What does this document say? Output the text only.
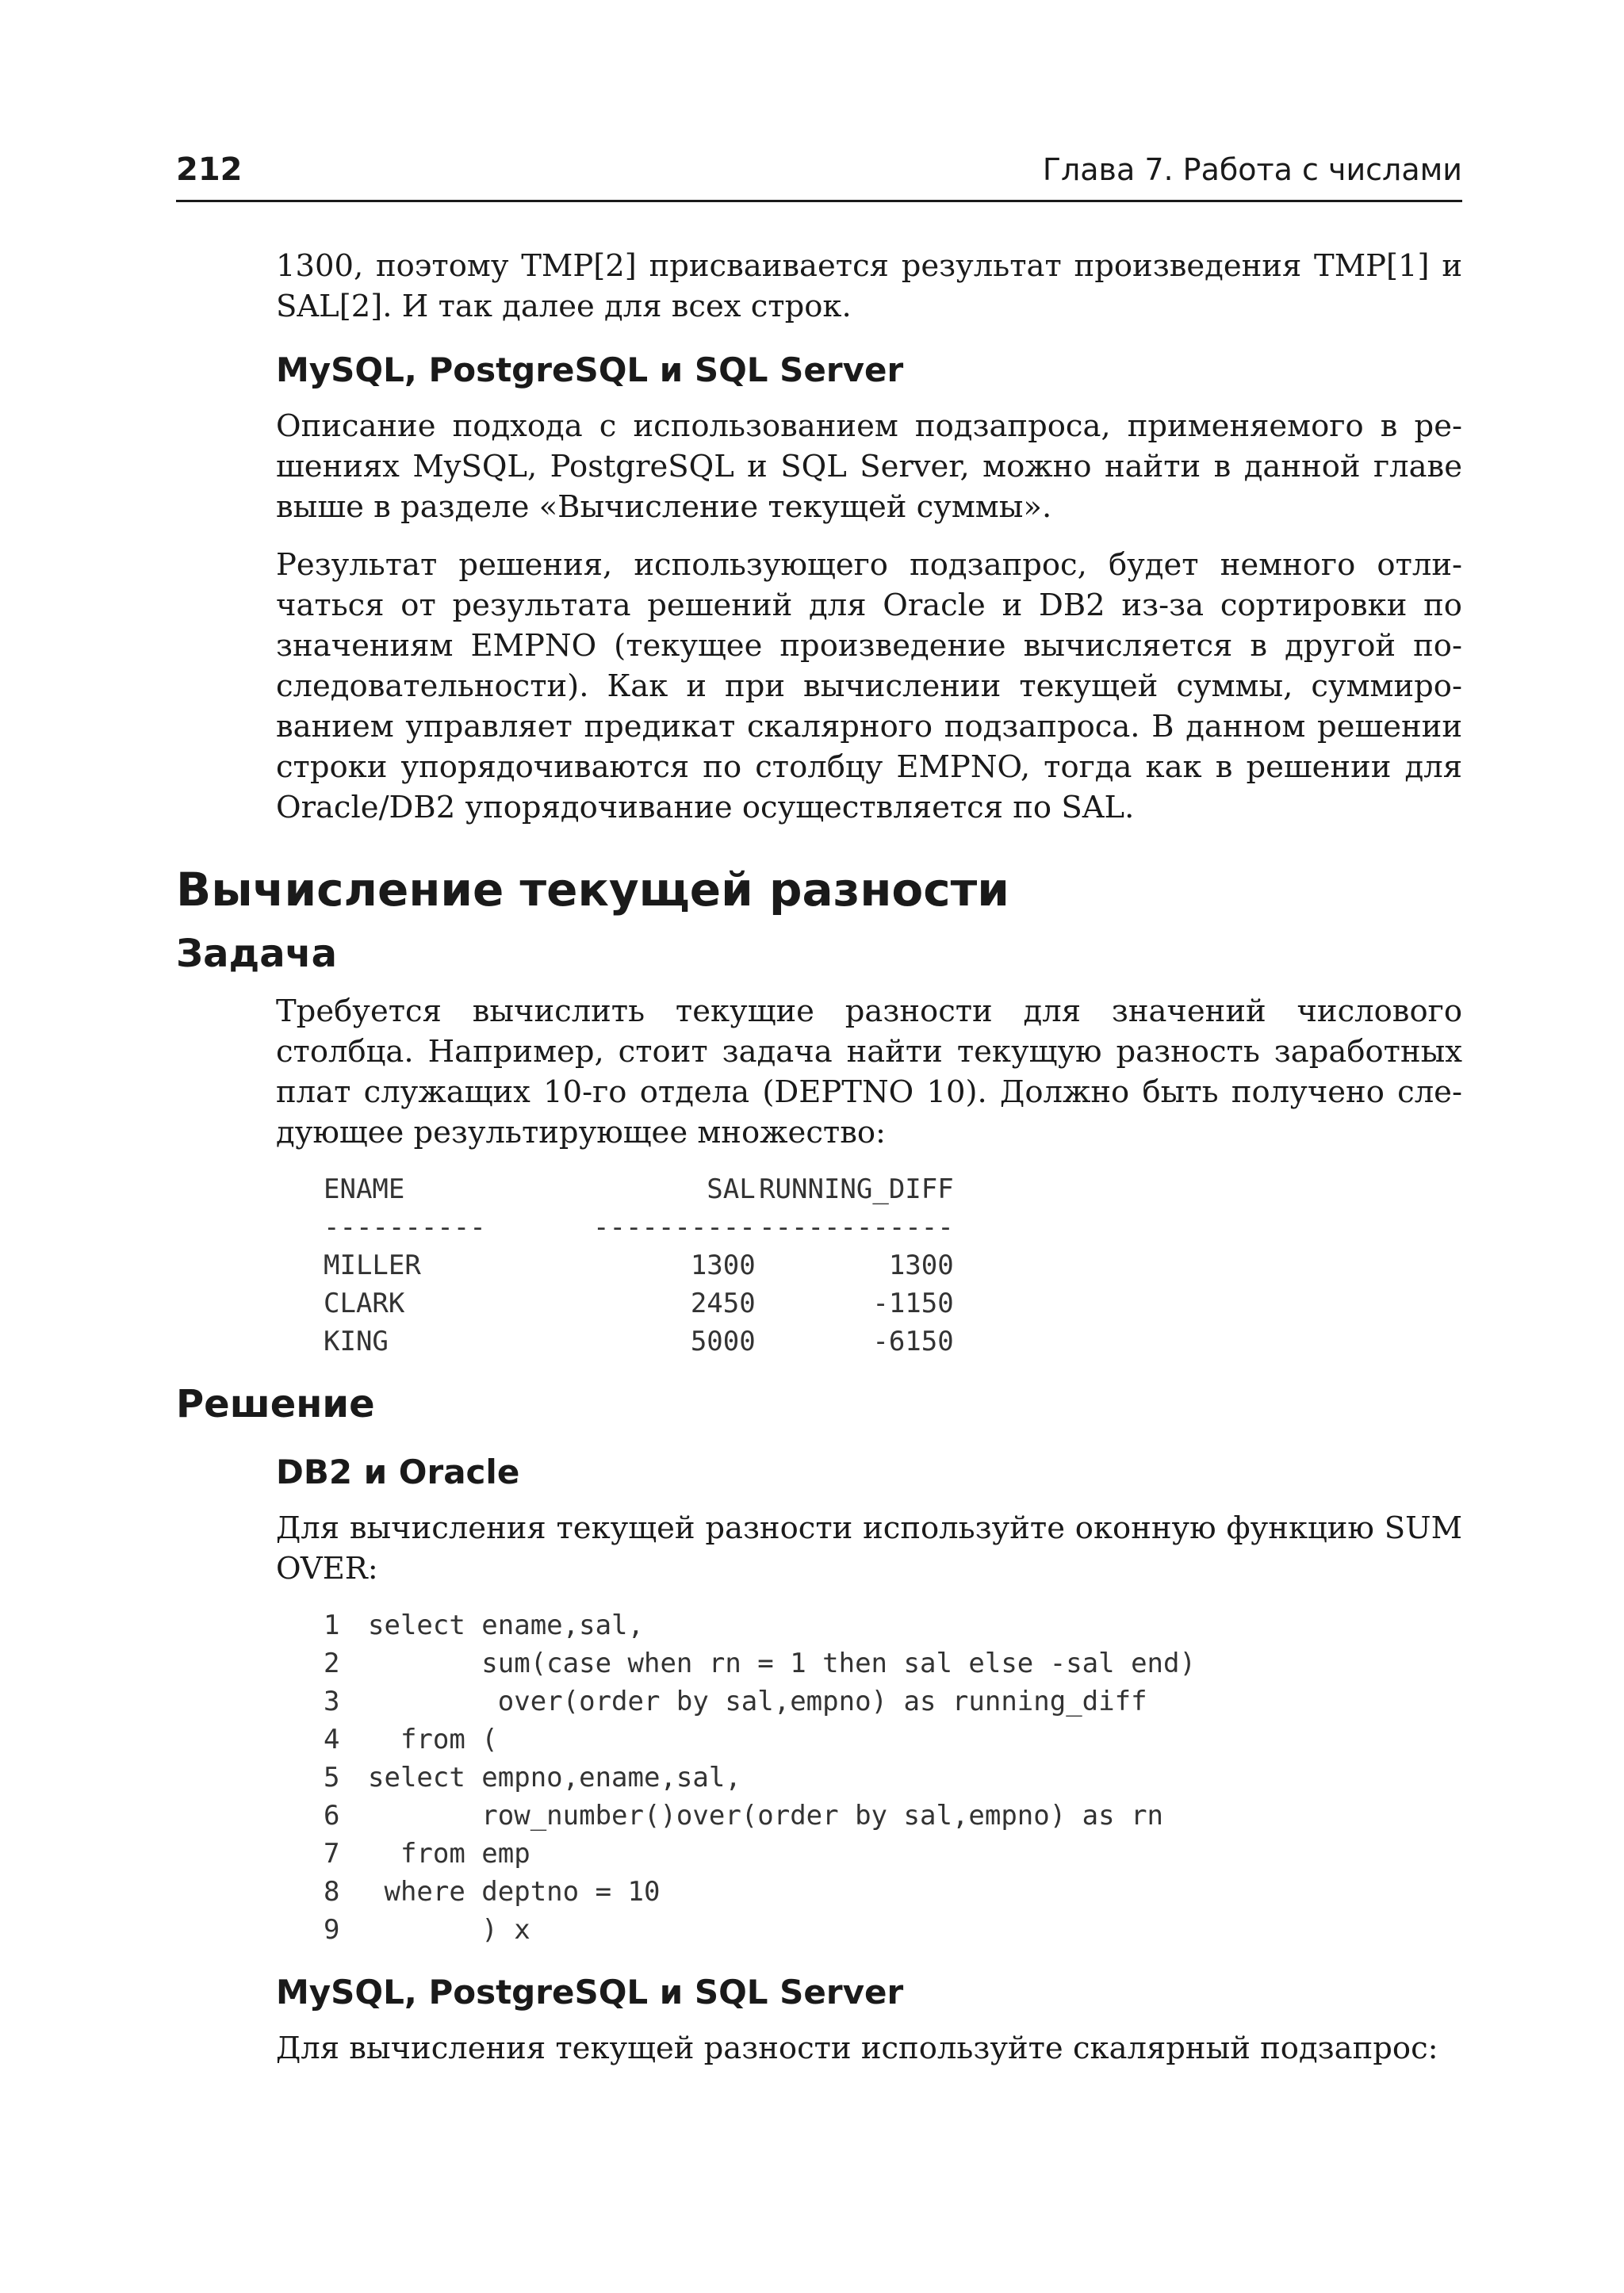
212	Глава 7. Работа с числами

1300, поэтому TMP[2] присваивается результат произведения TMP[1] и SAL[2]. И так далее для всех строк.

MySQL, PostgreSQL и SQL Server

Описание подхода с использованием подзапроса, применяемого в решениях MySQL, PostgreSQL и SQL Server, можно найти в данной главе выше в разделе «Вычисление текущей суммы».

Результат решения, использующего подзапрос, будет немного отличаться от результата решений для Oracle и DB2 из-за сортировки по значениям EMPNO (текущее произведение вычисляется в другой последовательности). Как и при вычислении текущей суммы, суммированием управляет предикат скалярного подзапроса. В данном решении строки упорядочиваются по столбцу EMPNO, тогда как в решении для Oracle/DB2 упорядочивание осуществляется по SAL.

Вычисление текущей разности
Задача

Требуется вычислить текущие разности для значений числового столбца. Например, стоит задача найти текущую разность заработных плат служащих 10-го отдела (DEPTNO 10). Должно быть получено следующее результирующее множество:

ENAME	SAL	RUNNING_DIFF
----------	----------	------------
MILLER	1300	1300
CLARK	2450	-1150
KING	5000	-6150
Решение
DB2 и Oracle

Для вычисления текущей разности используйте оконную функцию SUM OVER:

1 select ename,sal,
2       sum(case when rn = 1 then sal else -sal end)
3        over(order by sal,empno) as running_diff
4  from (
5 select empno,ename,sal,
6       row_number()over(order by sal,empno) as rn
7  from emp
8 where deptno = 10
9       ) x
MySQL, PostgreSQL и SQL Server

Для вычисления текущей разности используйте скалярный подзапрос:
